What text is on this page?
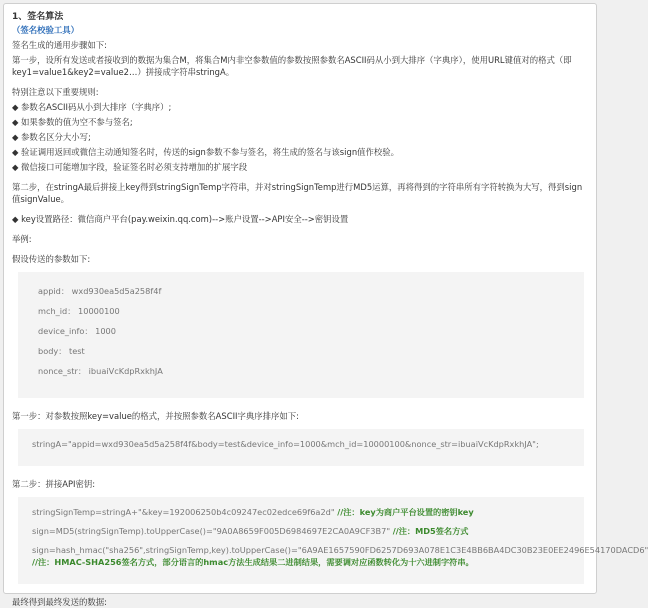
1、签名算法
（签名校验工具）
签名生成的通用步骤如下:
第一步，设所有发送或者接收到的数据为集合M，将集合M内非空参数值的参数按照参数名ASCII码从小到大排序（字典序），使用URL键值对的格式（即key1=value1&key2=value2…）拼接成字符串stringA。
特别注意以下重要规则:
◆ 参数名ASCII码从小到大排序（字典序）;
◆ 如果参数的值为空不参与签名;
◆ 参数名区分大小写;
◆ 验证调用返回或微信主动通知签名时，传送的sign参数不参与签名，将生成的签名与该sign值作校验。
◆ 微信接口可能增加字段，验证签名时必须支持增加的扩展字段
第二步，在stringA最后拼接上key得到stringSignTemp字符串，并对stringSignTemp进行MD5运算，再将得到的字符串所有字符转换为大写，得到sign值signValue。
◆ key设置路径：微信商户平台(pay.weixin.qq.com)-->账户设置-->API安全-->密钥设置
举例:
假设传送的参数如下:
appid： wxd930ea5d5a258f4f
mch_id： 10000100
device_info： 1000
body： test
nonce_str： ibuaiVcKdpRxkhJA
第一步：对参数按照key=value的格式，并按照参数名ASCII字典序排序如下:
stringA="appid=wxd930ea5d5a258f4f&body=test&device_info=1000&mch_id=10000100&nonce_str=ibuaiVcKdpRxkhJA";
第二步：拼接API密钥:
stringSignTemp=stringA+"&key=192006250b4c09247ec02edce69f6a2d" //注：key为商户平台设置的密钥key
sign=MD5(stringSignTemp).toUpperCase()="9A0A8659F005D6984697E2CA0A9CF3B7" //注：MD5签名方式
sign=hash_hmac("sha256",stringSignTemp,key).toUpperCase()="6A9AE1657590FD6257D693A078E1C3E4BB6BA4DC30B23E0EE2496E54170DACD6" //注：HMAC-SHA256签名方式，部分语言的hmac方法生成结果二进制结果，需要调对应函数转化为十六进制字符串。
最终得到最终发送的数据:
